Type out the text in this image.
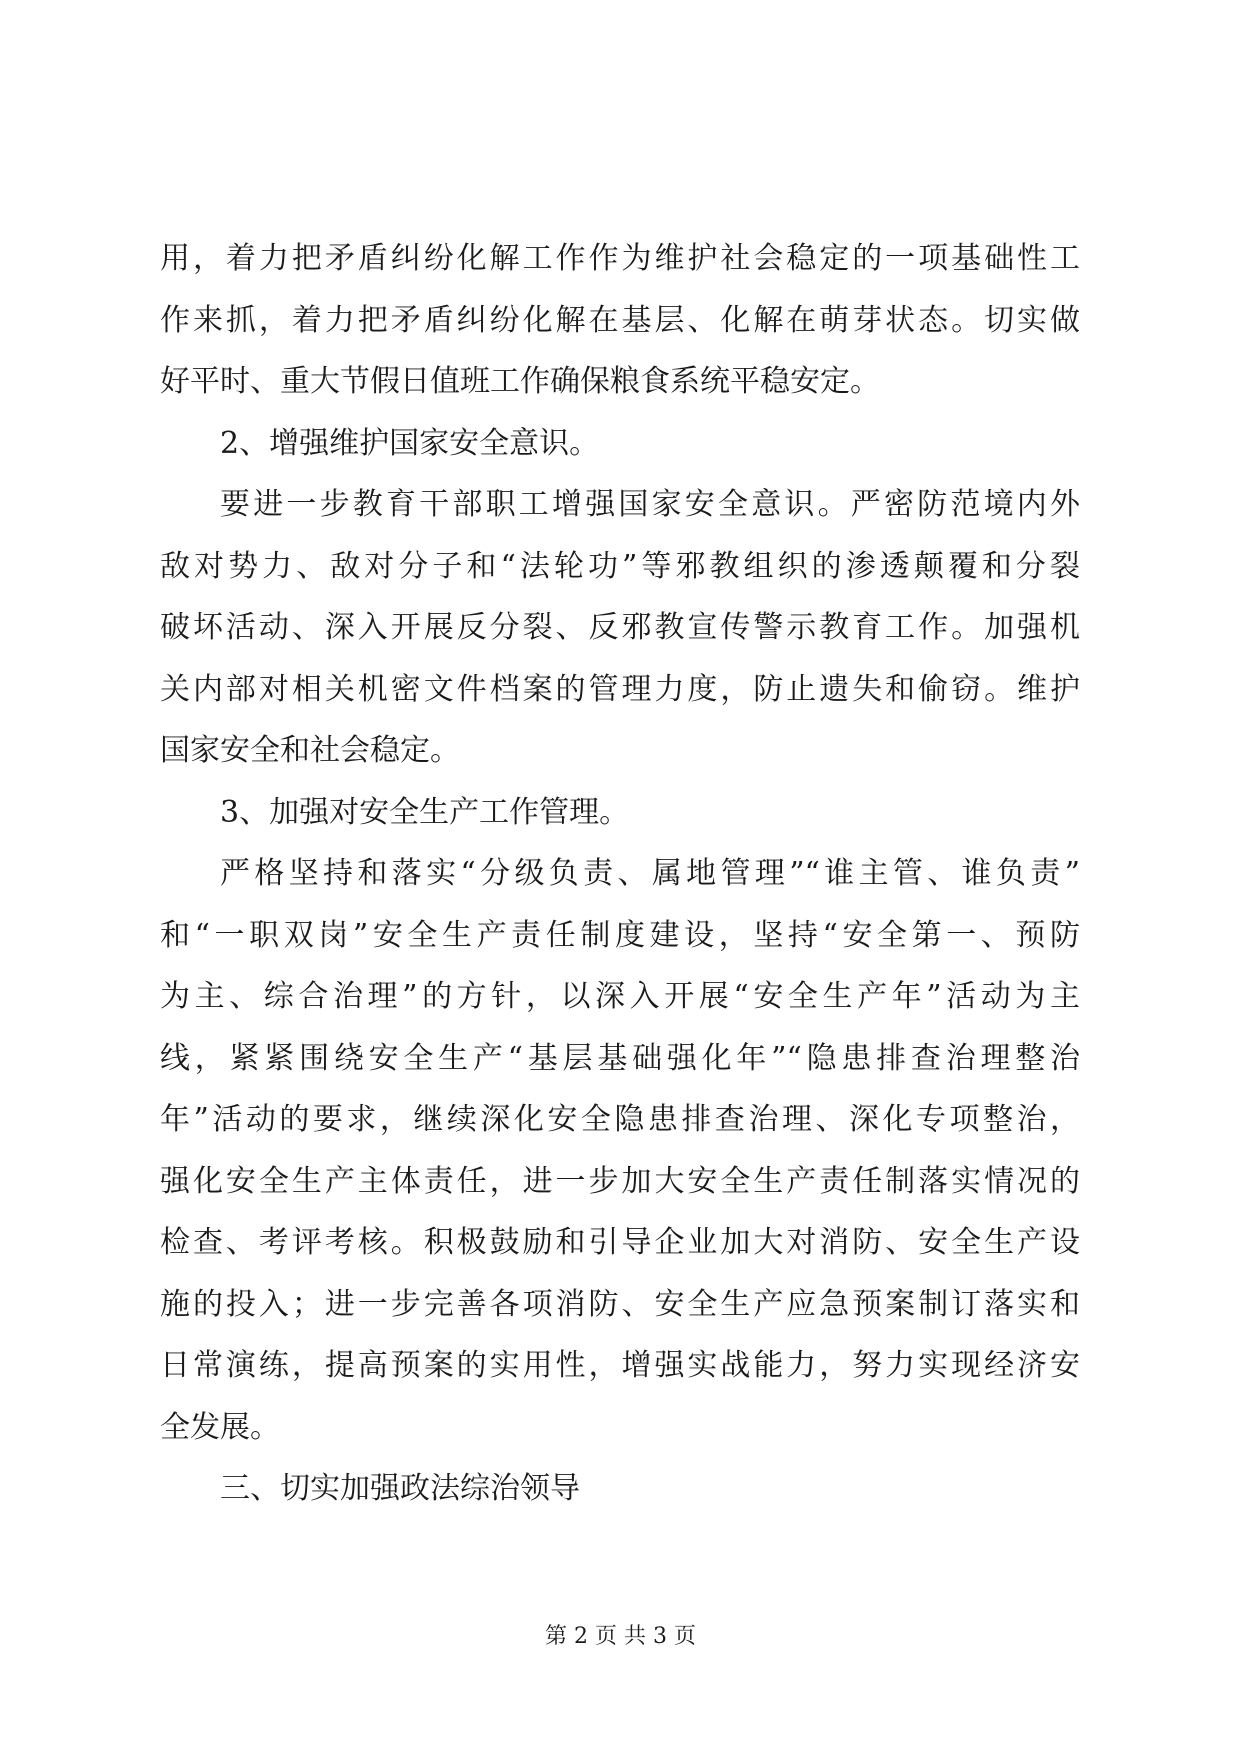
用，着力把矛盾纠纷化解工作作为维护社会稳定的一项基础性工
作来抓，着力把矛盾纠纷化解在基层、化解在萌芽状态。切实做
好平时、重大节假日值班工作确保粮食系统平稳安定。
2、增强维护国家安全意识。
要进一步教育干部职工增强国家安全意识。严密防范境内外
敌对势力、敌对分子和“法轮功”等邪教组织的渗透颠覆和分裂
破坏活动、深入开展反分裂、反邪教宣传警示教育工作。加强机
关内部对相关机密文件档案的管理力度，防止遗失和偷窃。维护
国家安全和社会稳定。
3、加强对安全生产工作管理。
严格坚持和落实“分级负责、属地管理”“谁主管、谁负责”
和“一职双岗”安全生产责任制度建设，坚持“安全第一、预防
为主、综合治理”的方针，以深入开展“安全生产年”活动为主
线，紧紧围绕安全生产“基层基础强化年”“隐患排查治理整治
年”活动的要求，继续深化安全隐患排查治理、深化专项整治，
强化安全生产主体责任，进一步加大安全生产责任制落实情况的
检查、考评考核。积极鼓励和引导企业加大对消防、安全生产设
施的投入；进一步完善各项消防、安全生产应急预案制订落实和
日常演练，提高预案的实用性，增强实战能力，努力实现经济安
全发展。
三、切实加强政法综治领导
第 2 页 共 3 页
